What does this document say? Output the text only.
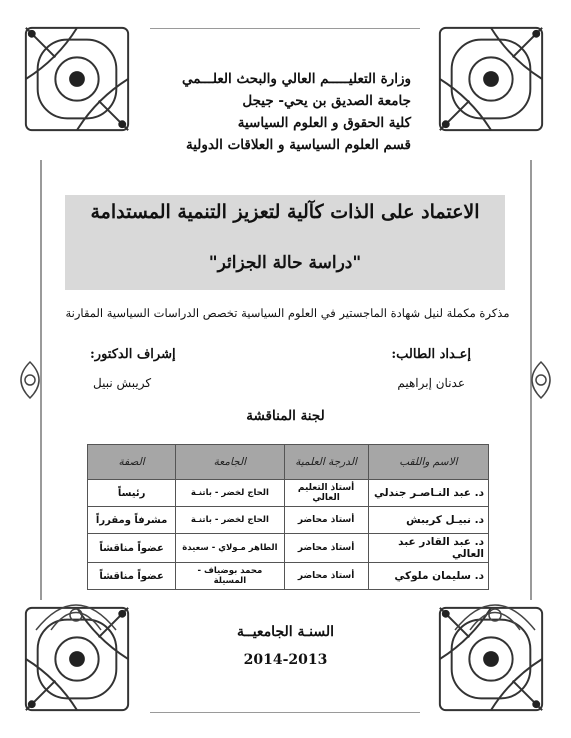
وزارة التعليـــــم العالي والبحث العلـــمي
جامعة الصديق بن يحي- جيجل
كلية الحقوق و العلوم السياسية
قسم العلوم السياسية و العلاقات الدولية
الاعتماد على الذات كآلية لتعزيز التنمية المستدامة
"دراسة حالة الجزائر"
مذكرة مكملة لنيل شهادة الماجستير في العلوم السياسية تخصص الدراسات السياسية المقارنة
إعـداد الطالب:
عدنان إبراهيم
إشراف الدكتور:
كريبش نبيل
لجنة المناقشة
الاسم واللقب	الدرجة العلمية	الجامعة	الصفة
د. عبد النـاصـر جندلي	أستاذ التعليم العالي	الحاج لخضر - باتنـة	رئيساً
د. نبيـل كريبش	أستاذ محاضر	الحاج لخضر - باتنـة	مشرفاً ومقرراً
د. عبد القادر عبد العالي	أستاذ محاضر	الطاهر مـولاي - سعيدة	عضواً مناقشاً
د. سليمان ملوكي	أستاذ محاضر	محمد بوضياف - المسيلة	عضواً مناقشاً
السنـة الجامعيــة
2014-2013
